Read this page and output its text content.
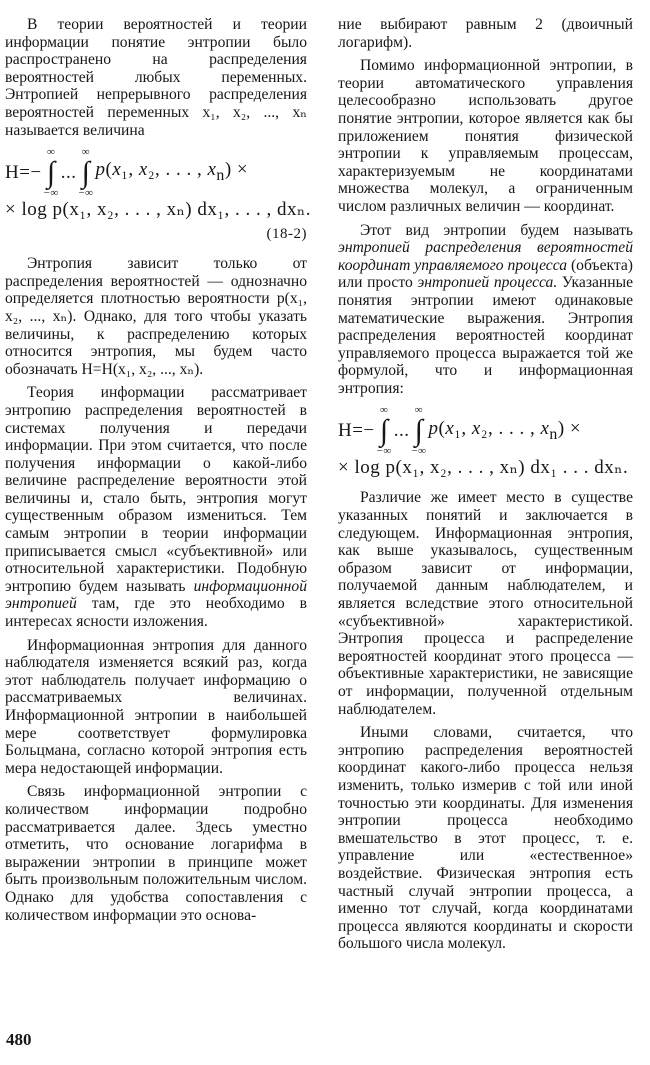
В теории вероятностей и теории информации понятие энтропии было распространено на распределения вероятностей любых переменных. Энтропией непрерывного распределения вероятностей переменных x₁, x₂, ..., xₙ называется величина

H=−
∞
∫
−∞
...
∞
∫
−∞
p(x₁, x₂, . . . , $x_n$) ×
× log p(x₁, x₂, . . . , xₙ) dx₁, . . . , dxₙ.
(18-2)

Энтропия зависит только от распределения вероятностей — однозначно определяется плотностью вероятности p(x₁, x₂, ..., xₙ). Однако, для того чтобы указать величины, к распределению которых относится энтропия, мы будем часто обозначать H=H(x₁, x₂, ..., xₙ).

Теория информации рассматривает энтропию распределения вероятностей в системах получения и передачи информации. При этом считается, что после получения информации о какой-либо величине распределение вероятности этой величины и, стало быть, энтропия могут существенным образом измениться. Тем самым энтропии в теории информации приписывается смысл «субъективной» или относительной характеристики. Подобную энтропию будем называть информационной энтропией там, где это необходимо в интересах ясности изложения.

Информационная энтропия для данного наблюдателя изменяется всякий раз, когда этот наблюдатель получает информацию о рассматриваемых величинах. Информационной энтропии в наибольшей мере соответствует формулировка Больцмана, согласно которой энтропия есть мера недостающей информации.

Связь информационной энтропии с количеством информации подробно рассматривается далее. Здесь уместно отметить, что основание логарифма в выражении энтропии в принципе может быть произвольным положительным числом. Однако для удобства сопоставления с количеством информации это основа-

ние выбирают равным 2 (двоичный логарифм).

Помимо информационной энтропии, в теории автоматического управления целесообразно использовать другое понятие энтропии, которое является как бы приложением понятия физической энтропии к управляемым процессам, характеризуемым не координатами множества молекул, а ограниченным числом различных величин — координат.

Этот вид энтропии будем называть энтропией распределения вероятностей координат управляемого процесса (объекта) или просто энтропией процесса. Указанные понятия энтропии имеют одинаковые математические выражения. Энтропия распределения вероятностей координат управляемого процесса выражается той же формулой, что и информационная энтропия:

H=−
∞
∫
−∞
...
∞
∫
−∞
p(x₁, x₂, . . . , $x_n$) ×
× log p(x₁, x₂, . . . , xₙ) dx₁ . . . dxₙ.

Различие же имеет место в существе указанных понятий и заключается в следующем. Информационная энтропия, как выше указывалось, существенным образом зависит от информации, получаемой данным наблюдателем, и является вследствие этого относительной «субъективной» характеристикой. Энтропия процесса и распределение вероятностей координат этого процесса — объективные характеристики, не зависящие от информации, полученной отдельным наблюдателем.

Иными словами, считается, что энтропию распределения вероятностей координат какого-либо процесса нельзя изменить, только измерив с той или иной точностью эти координаты. Для изменения энтропии процесса необходимо вмешательство в этот процесс, т. е. управление или «естественное» воздействие. Физическая энтропия есть частный случай энтропии процесса, а именно тот случай, когда координатами процесса являются координаты и скорости большого числа молекул.

480
